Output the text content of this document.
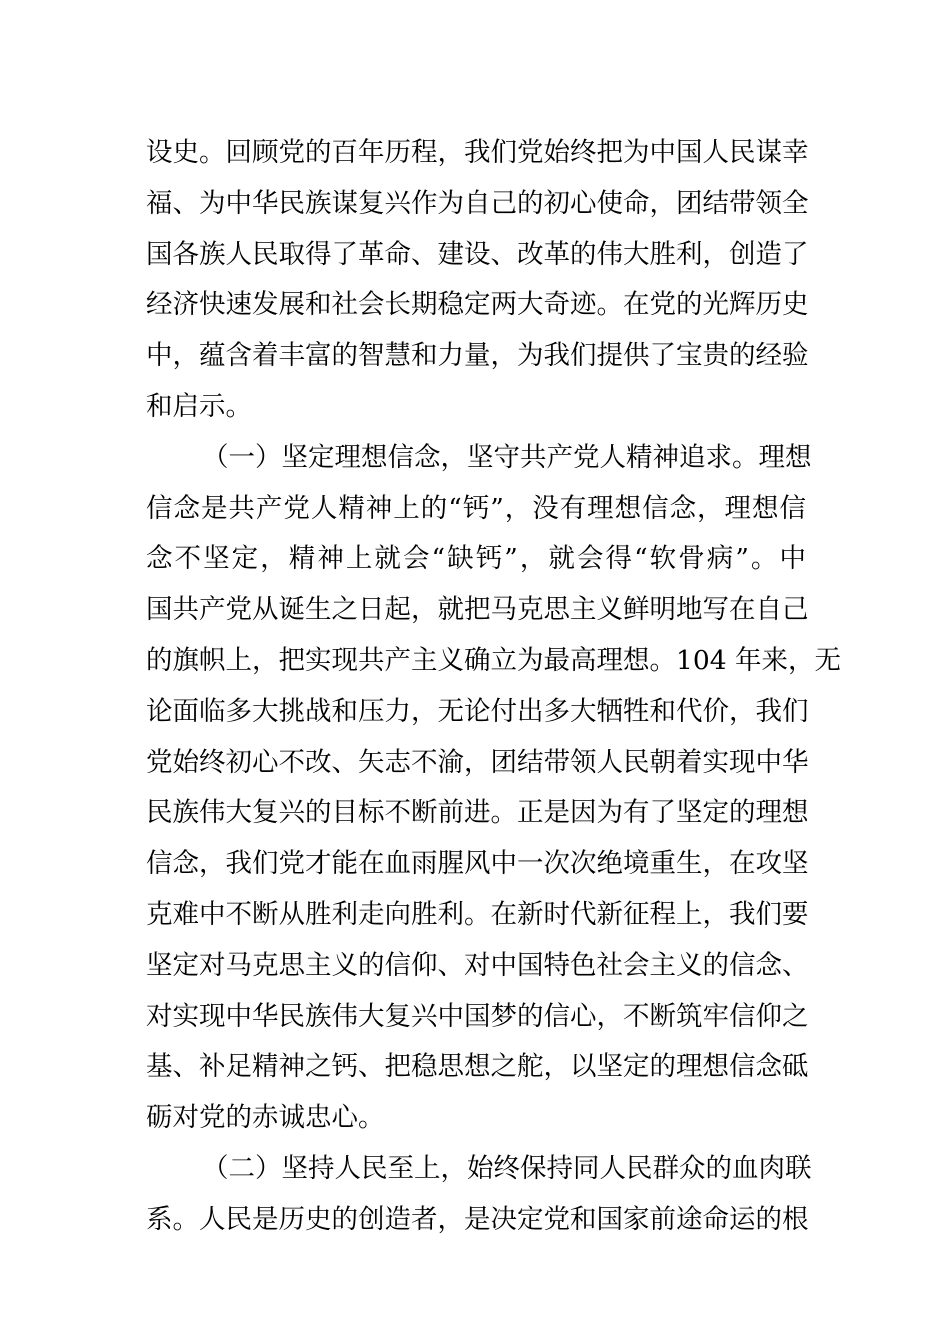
设史。回顾党的百年历程，我们党始终把为中国人民谋幸
福、为中华民族谋复兴作为自己的初心使命，团结带领全
国各族人民取得了革命、建设、改革的伟大胜利，创造了
经济快速发展和社会长期稳定两大奇迹。在党的光辉历史
中，蕴含着丰富的智慧和力量，为我们提供了宝贵的经验
和启示。
（一）坚定理想信念，坚守共产党人精神追求。理想
信念是共产党人精神上的“钙”，没有理想信念，理想信
念不坚定，精神上就会“缺钙”，就会得“软骨病”。中
国共产党从诞生之日起，就把马克思主义鲜明地写在自己
的旗帜上，把实现共产主义确立为最高理想。104 年来，无
论面临多大挑战和压力，无论付出多大牺牲和代价，我们
党始终初心不改、矢志不渝，团结带领人民朝着实现中华
民族伟大复兴的目标不断前进。正是因为有了坚定的理想
信念，我们党才能在血雨腥风中一次次绝境重生，在攻坚
克难中不断从胜利走向胜利。在新时代新征程上，我们要
坚定对马克思主义的信仰、对中国特色社会主义的信念、
对实现中华民族伟大复兴中国梦的信心，不断筑牢信仰之
基、补足精神之钙、把稳思想之舵，以坚定的理想信念砥
砺对党的赤诚忠心。
（二）坚持人民至上，始终保持同人民群众的血肉联
系。人民是历史的创造者，是决定党和国家前途命运的根
